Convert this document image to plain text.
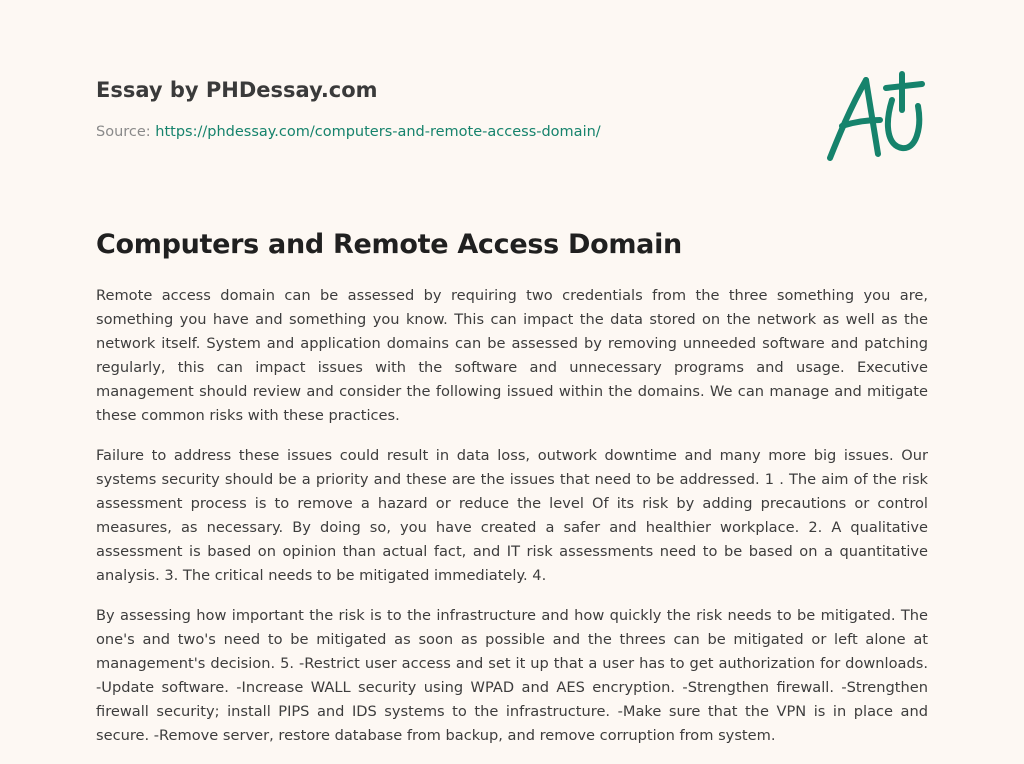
Essay by PHDessay.com
Source: https://phdessay.com/computers-and-remote-access-domain/
Computers and Remote Access Domain

Remote access domain can be assessed by requiring two credentials from the three something you are, something you have and something you know. This can impact the data stored on the network as well as the network itself. System and application domains can be assessed by removing unneeded software and patching regularly, this can impact issues with the software and unnecessary programs and usage. Executive management should review and consider the following issued within the domains. We can manage and mitigate these common risks with these practices.

Failure to address these issues could result in data loss, outwork downtime and many more big issues. Our systems security should be a priority and these are the issues that need to be addressed. 1 . The aim of the risk assessment process is to remove a hazard or reduce the level Of its risk by adding precautions or control measures, as necessary. By doing so, you have created a safer and healthier workplace. 2. A qualitative assessment is based on opinion than actual fact, and IT risk assessments need to be based on a quantitative analysis. 3. The critical needs to be mitigated immediately. 4.

By assessing how important the risk is to the infrastructure and how quickly the risk needs to be mitigated. The one's and two's need to be mitigated as soon as possible and the threes can be mitigated or left alone at management's decision. 5. -Restrict user access and set it up that a user has to get authorization for downloads. -Update software. -Increase WALL security using WPAD and AES encryption. -Strengthen firewall. -Strengthen firewall security; install PIPS and IDS systems to the infrastructure. -Make sure that the VPN is in place and secure. -Remove server, restore database from backup, and remove corruption from system.
